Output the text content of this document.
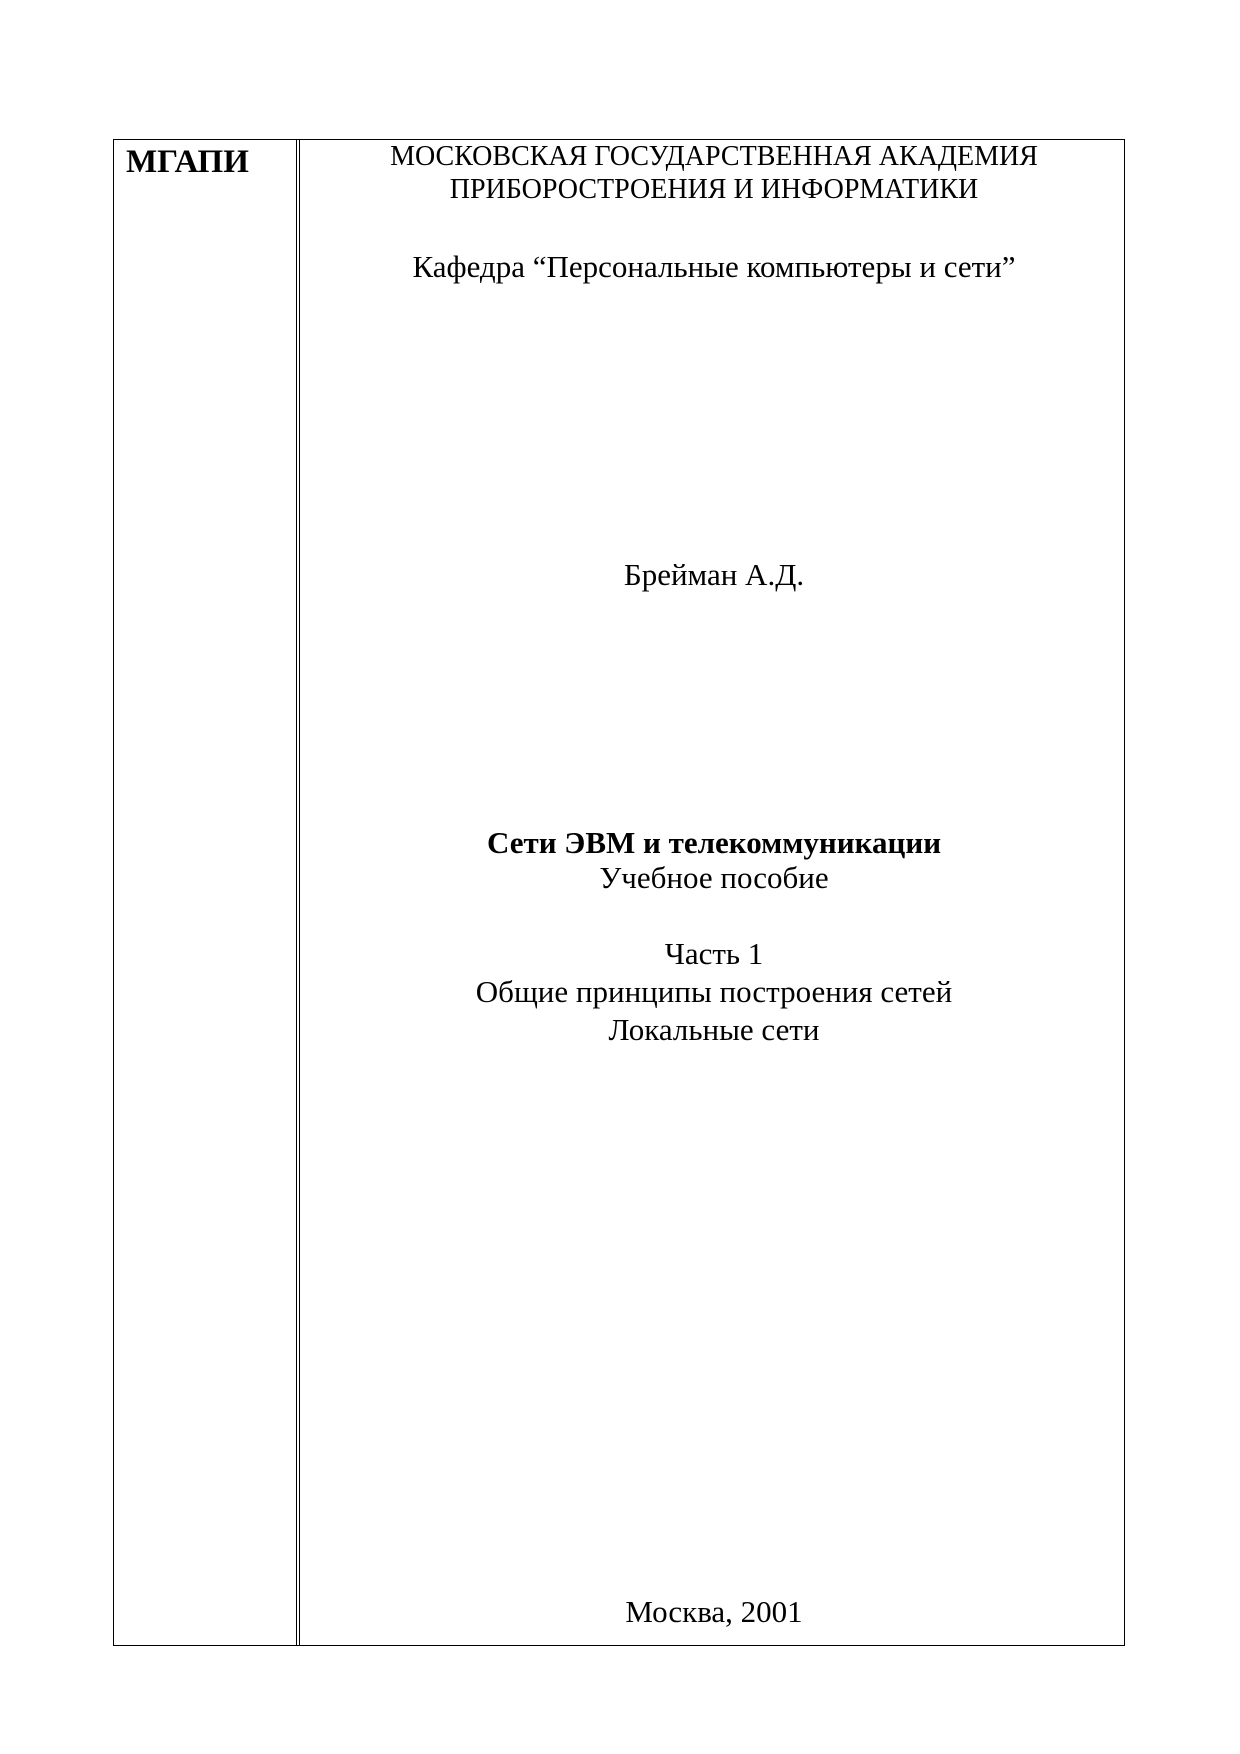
МГАПИ	МОСКОВСКАЯ ГОСУДАРСТВЕННАЯ АКАДЕМИЯ
ПРИБОРОСТРОЕНИЯ И ИНФОРМАТИКИ

Кафедра “Персональные компьютеры и сети”

Брейман А.Д.

Сети ЭВМ и телекоммуникации

Учебное пособие

Часть 1
Общие принципы построения сетей
Локальные сети

Москва, 2001
